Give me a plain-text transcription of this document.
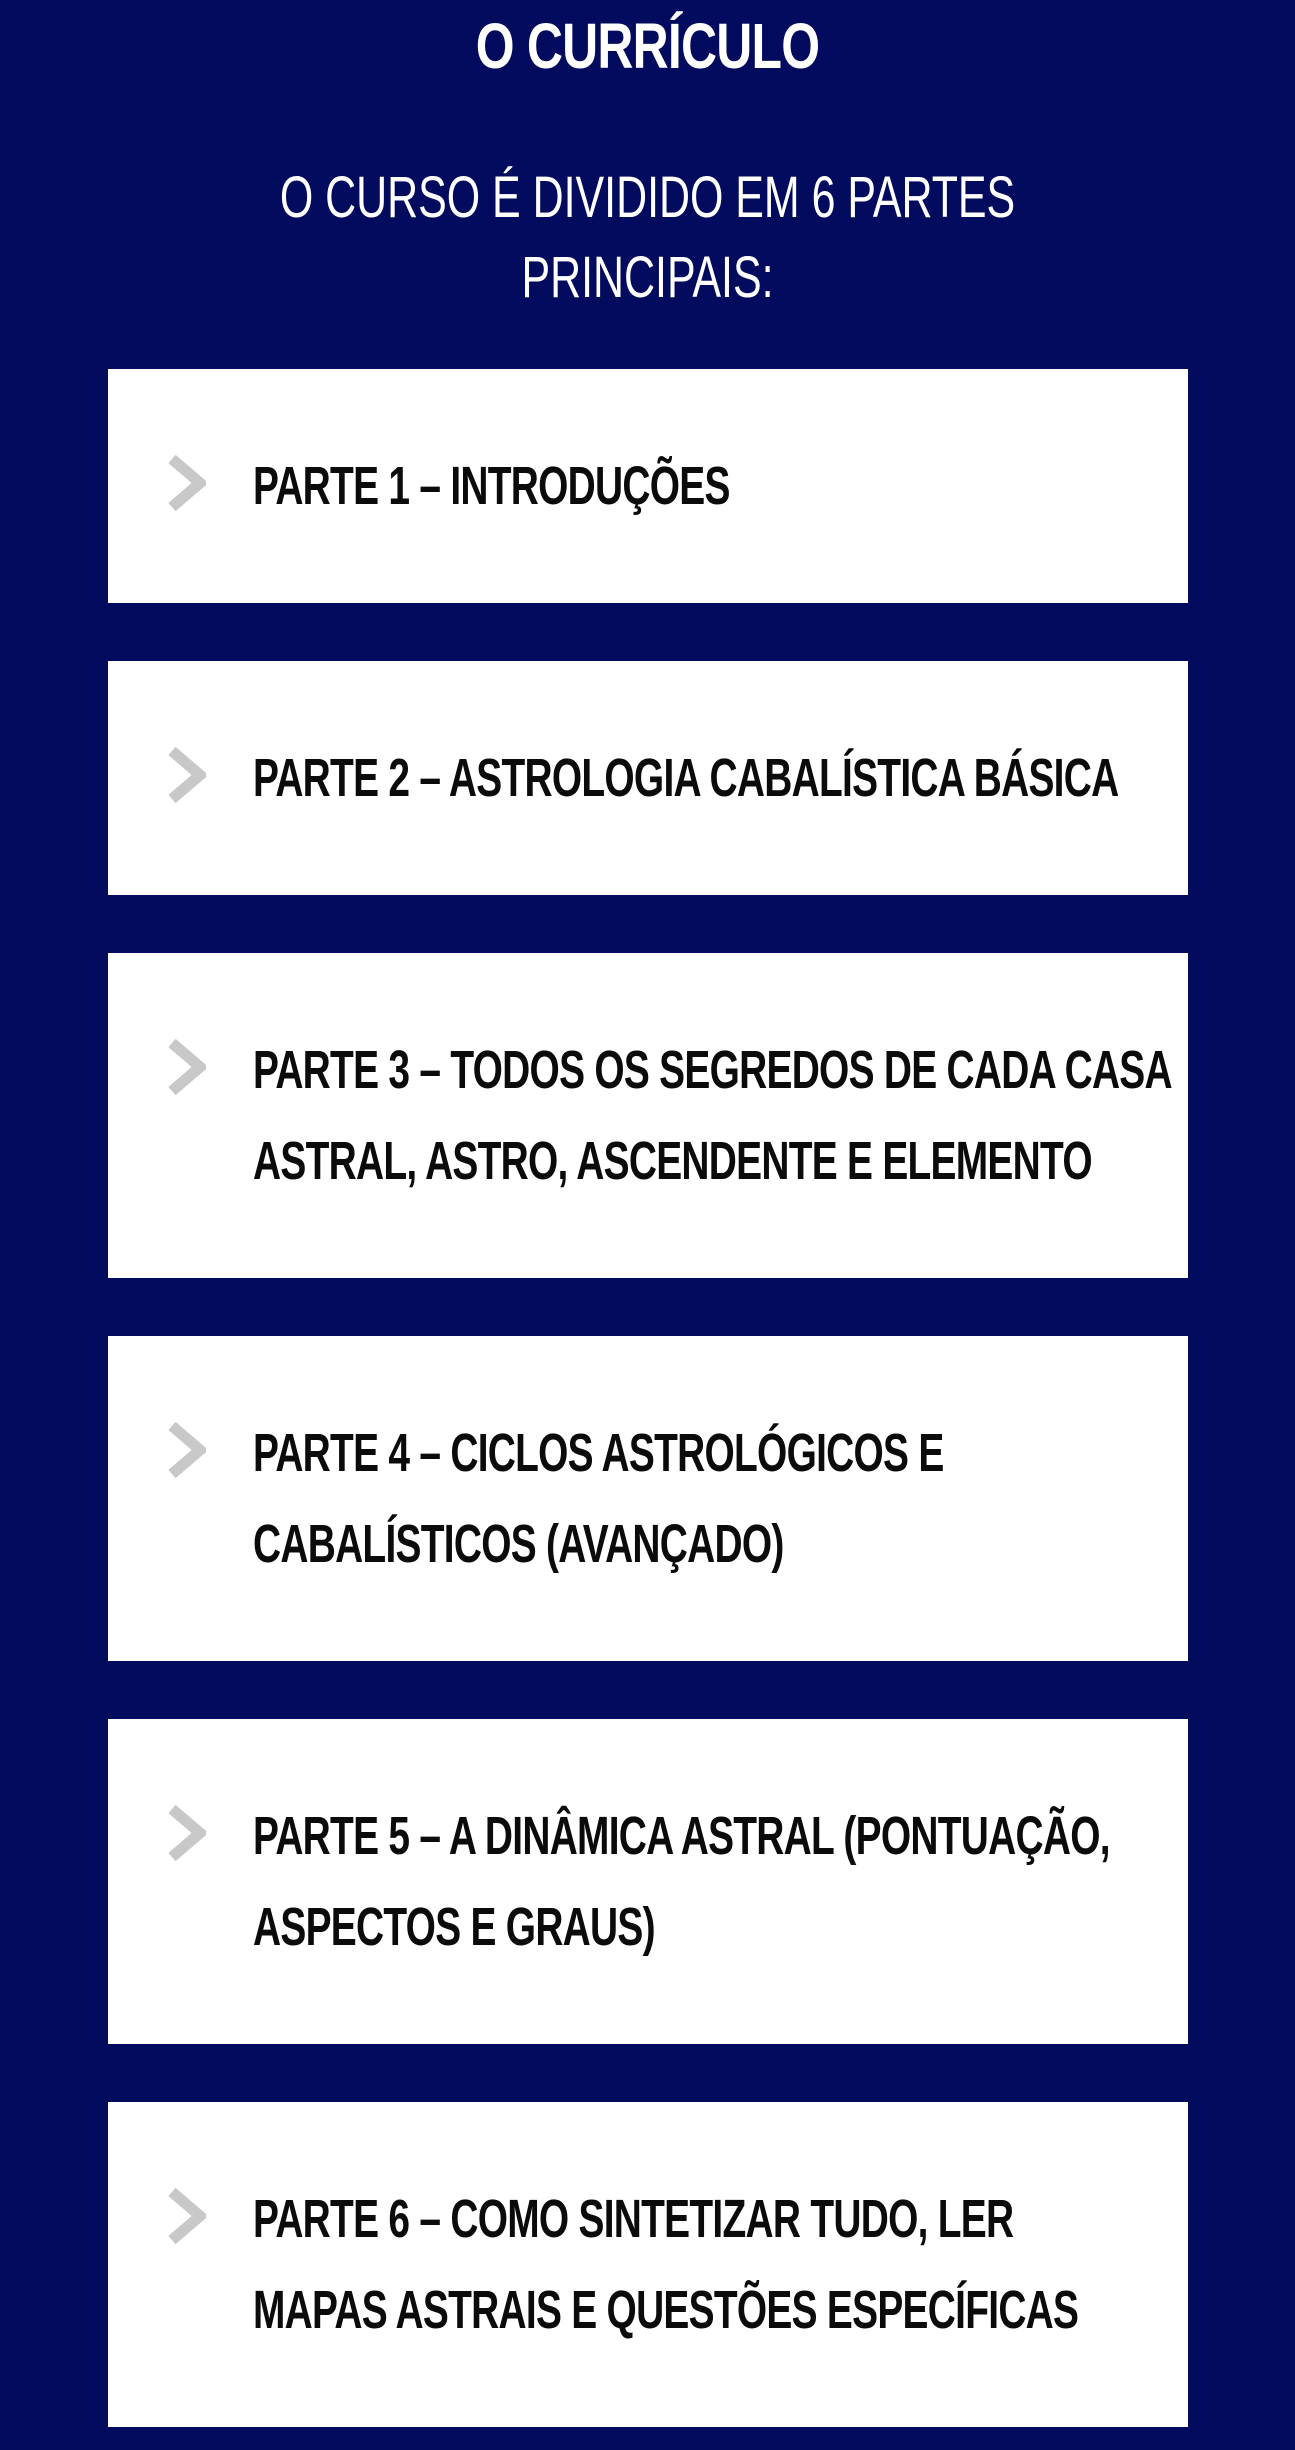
O CURRÍCULO
O CURSO É DIVIDIDO EM 6 PARTES PRINCIPAIS:
PARTE 1 – INTRODUÇÕES
PARTE 2 – ASTROLOGIA CABALÍSTICA BÁSICA
PARTE 3 – TODOS OS SEGREDOS DE CADA CASA
ASTRAL, ASTRO, ASCENDENTE E ELEMENTO
PARTE 4 – CICLOS ASTROLÓGICOS E
CABALÍSTICOS (AVANÇADO)
PARTE 5 – A DINÂMICA ASTRAL (PONTUAÇÃO,
ASPECTOS E GRAUS)
PARTE 6 – COMO SINTETIZAR TUDO, LER
MAPAS ASTRAIS E QUESTÕES ESPECÍFICAS
